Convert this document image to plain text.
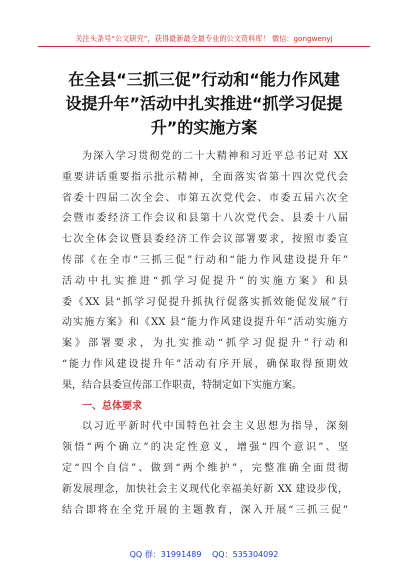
关注头条号“公文研究”，获得最新最全最专业的公文资料库！ 微信：gongwenyj
在全县“三抓三促”行动和“能力作风建
设提升年”活动中扎实推进“抓学习促提
升”的实施方案
为深入学习贯彻党的二十大精神和习近平总书记对 XX
重要讲话重要指示批示精神，全面落实省第十四次党代会
省委十四届二次全会、市第五次党代会、市委五届六次全
会暨市委经济工作会议和县第十八次党代会、县委十八届
七次全体会议暨县委经济工作会议部署要求，按照市委宣
传部《在全市“三抓三促”行动和“能力作风建设提升年”
活动中扎实推进“抓学习促提升”的实施方案》和县
委《XX 县“抓学习促提升抓执行促落实抓效能促发展”行
动实施方案》和《XX 县“能力作风建设提升年”活动实施方
案》部署要求，为扎实推动“抓学习促提升”行动和
“能力作风建设提升年”活动有序开展，确保取得预期效
果，结合县委宣传部工作职责，特制定如下实施方案。
一、总体要求
以习近平新时代中国特色社会主义思想为指导，深刻
领悟“两个确立”的决定性意义，增强“四个意识”、坚
定“四个自信”、做到“两个维护”，完整准确全面贯彻
新发展理念，加快社会主义现代化幸福美好新 XX 建设步伐，
结合即将在全党开展的主题教育，深入开展“三抓三促”
QQ 群：31991489 QQ：535304092
